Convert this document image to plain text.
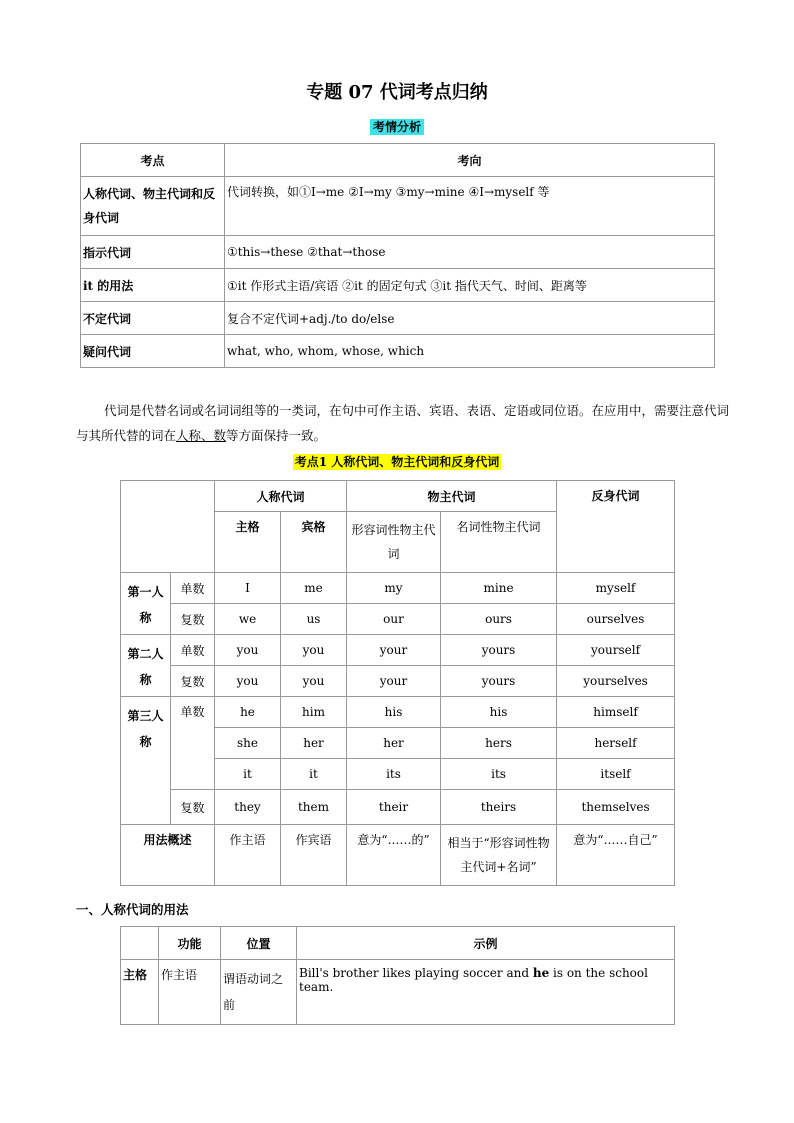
专题 07 代词考点归纳
考情分析
考点	考向
人称代词、物主代词和反身代词	代词转换，如①I→me ②I→my ③my→mine ④I→myself 等
指示代词	①this→these ②that→those
it 的用法	①it 作形式主语/宾语 ②it 的固定句式 ③it 指代天气、时间、距离等
不定代词	复合不定代词+adj./to do/else
疑问代词	what, who, whom, whose, which
代词是代替名词或名词词组等的一类词，在句中可作主语、宾语、表语、定语或同位语。在应用中，需要注意代词与其所代替的词在人称、数等方面保持一致。
考点1 人称代词、物主代词和反身代词
		人称代词		物主代词		反身代词
		主格	宾格	形容词性物主代词	名词性物主代词	
第一人称	单数	I	me	my	mine	myself
	复数	we	us	our	ours	ourselves
第二人称	单数	you	you	your	yours	yourself
	复数	you	you	your	yours	yourselves
第三人称	单数	he	him	his	his	himself
		she	her	her	hers	herself
		it	it	its	its	itself
	复数	they	them	their	theirs	themselves
用法概述		作主语	作宾语	意为“……的”	相当于“形容词性物主代词+名词”	意为“……自己”
一、人称代词的用法
	功能	位置	示例
主格	作主语	谓语动词之前	Bill's brother likes playing soccer and he is on the school team.
